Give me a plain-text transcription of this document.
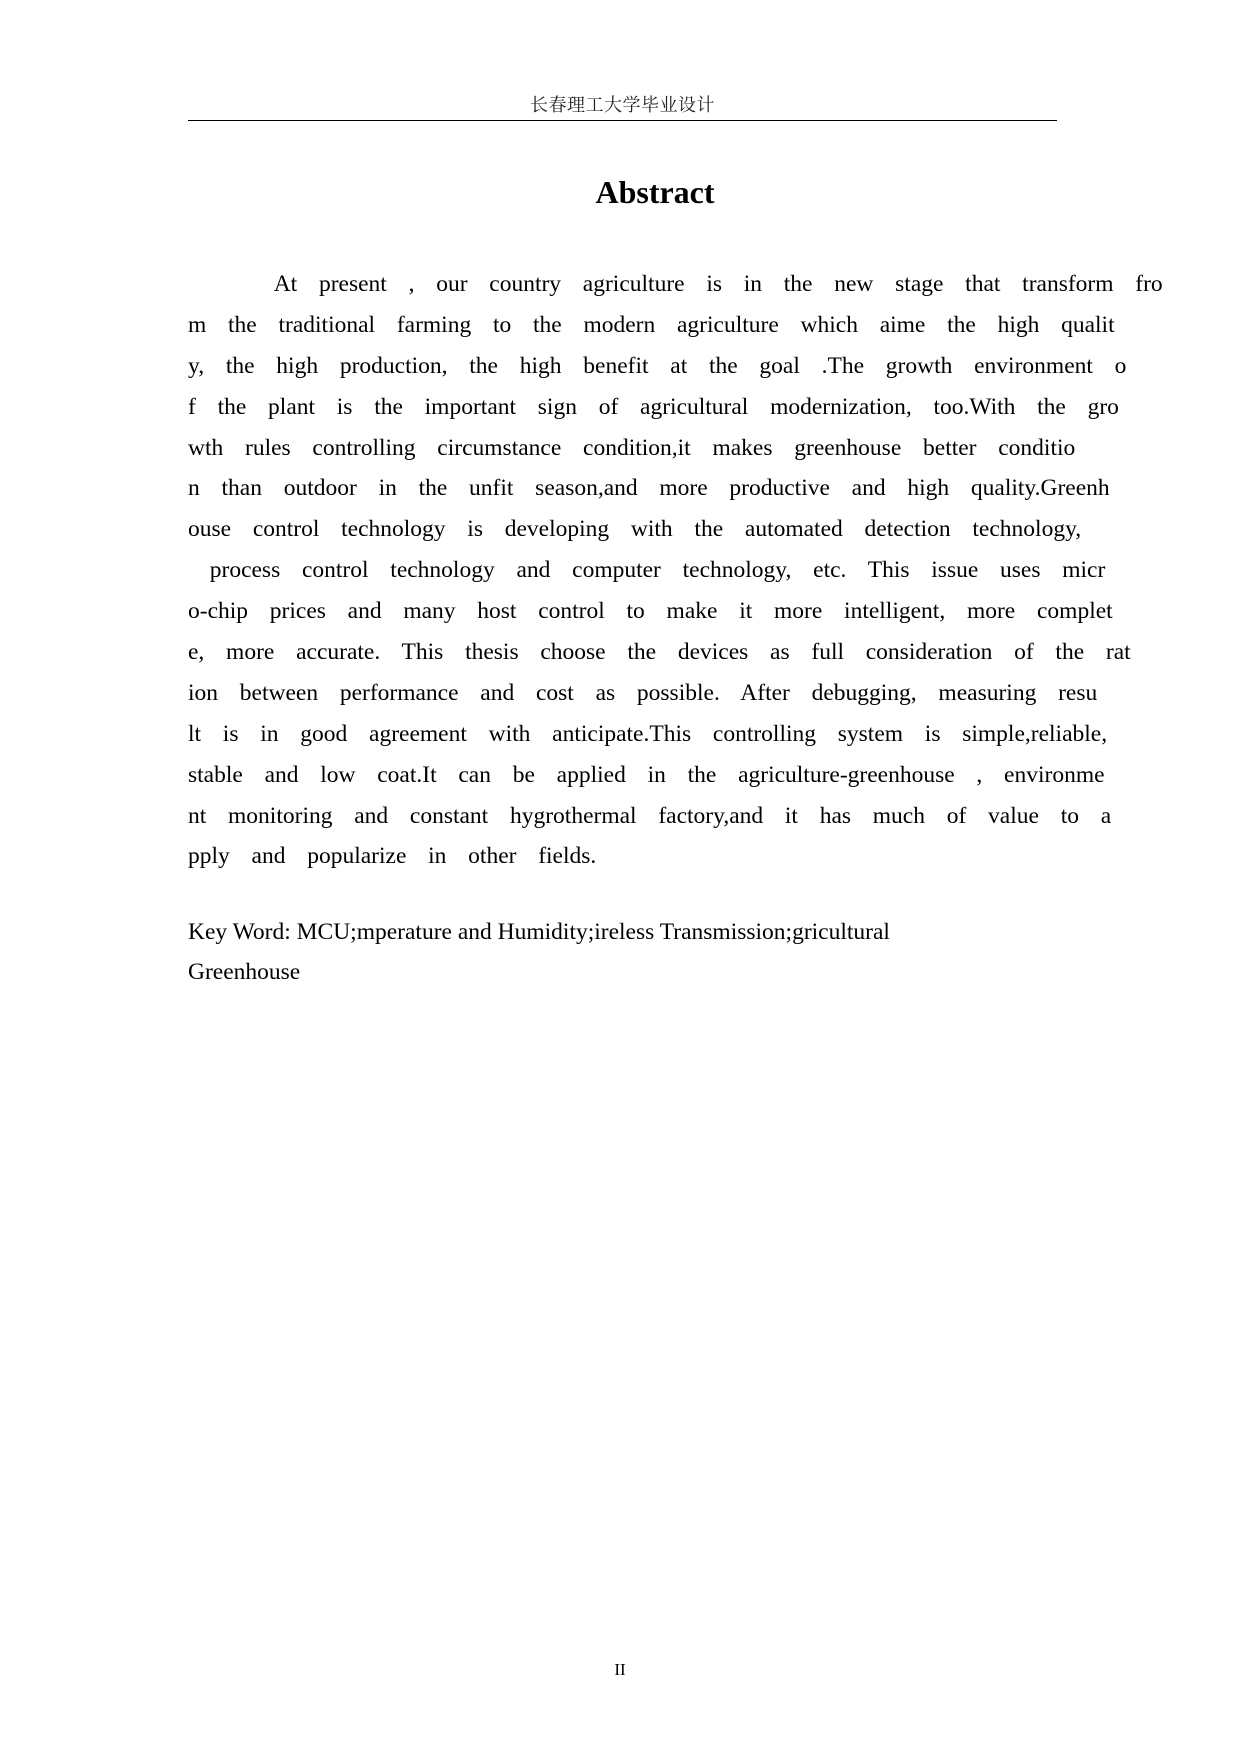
长春理工大学毕业设计
Abstract
At  present  ,  our  country  agriculture  is  in  the  new  stage  that  transform  fro
m  the  traditional  farming  to  the  modern  agriculture  which  aime  the  high  qualit
y,  the  high  production,  the  high  benefit  at  the  goal  .The  growth  environment  o
f  the  plant  is  the  important  sign  of  agricultural  modernization,  too.With  the  gro
wth  rules  controlling  circumstance  condition,it  makes  greenhouse  better  conditio
n  than  outdoor  in  the  unfit  season,and  more  productive  and  high  quality.Greenh
ouse  control  technology  is  developing  with  the  automated  detection  technology,
process  control  technology  and  computer  technology,  etc.  This  issue  uses  micr
o-chip  prices  and  many  host  control  to  make  it  more  intelligent,  more  complet
e,  more  accurate.  This  thesis  choose  the  devices  as  full  consideration  of  the  rat
ion  between  performance  and  cost  as  possible.  After  debugging,  measuring  resu
lt  is  in  good  agreement  with  anticipate.This  controlling  system  is  simple,reliable,
stable  and  low  coat.It  can  be  applied  in  the  agriculture-greenhouse  ,  environme
nt  monitoring  and  constant  hygrothermal  factory,and  it  has  much  of  value  to  a
pply  and  popularize  in  other  fields.
Key Word: MCU;mperature and Humidity;ireless Transmission;gricultural
Greenhouse
II
